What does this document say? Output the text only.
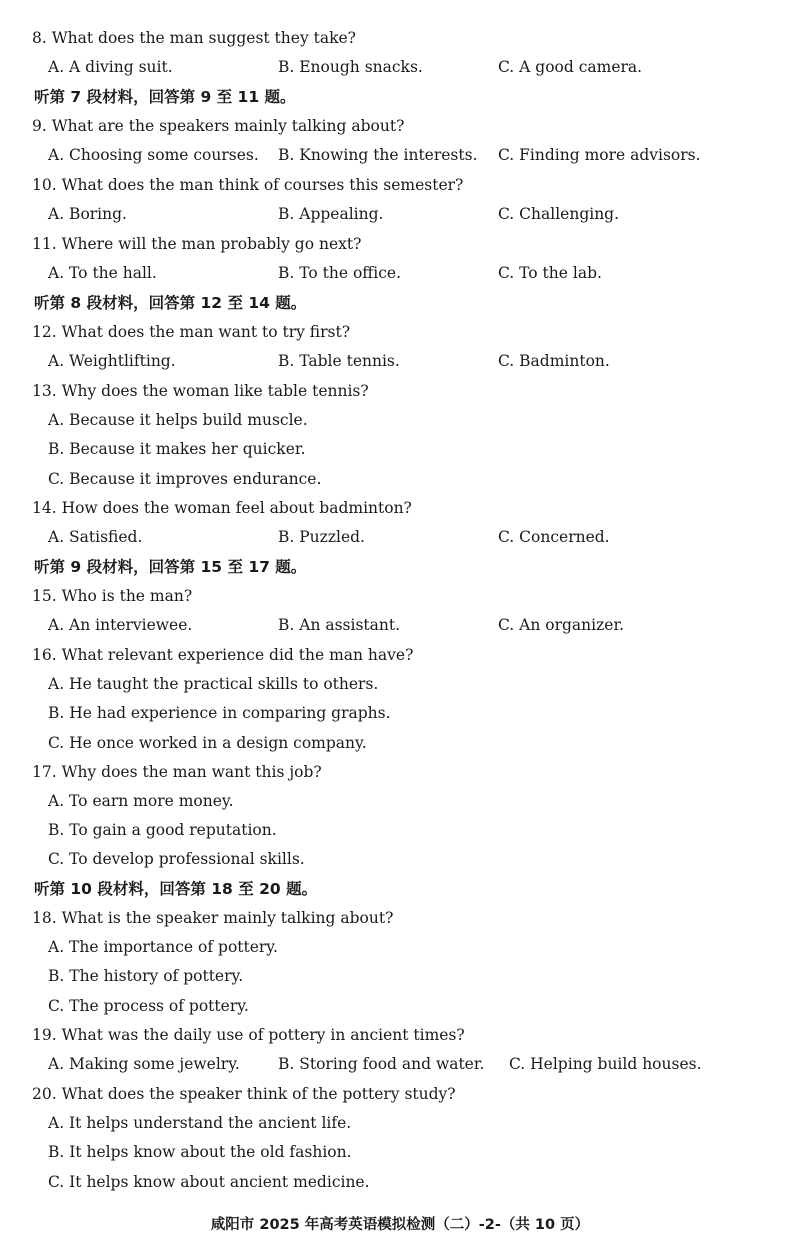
8. What does the man suggest they take?
A. A diving suit.	B. Enough snacks.	C. A good camera.
听第 7 段材料，回答第 9 至 11 题。
9. What are the speakers mainly talking about?
A. Choosing some courses. B. Knowing the interests. C. Finding more advisors.
10. What does the man think of courses this semester?
A. Boring.	B. Appealing.	C. Challenging.
11. Where will the man probably go next?
A. To the hall.	B. To the office.	C. To the lab.
听第 8 段材料，回答第 12 至 14 题。
12. What does the man want to try first?
A. Weightlifting.	B. Table tennis.	C. Badminton.
13. Why does the woman like table tennis?
A. Because it helps build muscle.
B. Because it makes her quicker.
C. Because it improves endurance.
14. How does the woman feel about badminton?
A. Satisfied.	B. Puzzled.	C. Concerned.
听第 9 段材料，回答第 15 至 17 题。
15. Who is the man?
A. An interviewee.	B. An assistant.	C. An organizer.
16. What relevant experience did the man have?
A. He taught the practical skills to others.
B. He had experience in comparing graphs.
C. He once worked in a design company.
17. Why does the man want this job?
A. To earn more money.
B. To gain a good reputation.
C. To develop professional skills.
听第 10 段材料，回答第 18 至 20 题。
18. What is the speaker mainly talking about?
A. The importance of pottery.
B. The history of pottery.
C. The process of pottery.
19. What was the daily use of pottery in ancient times?
A. Making some jewelry. B. Storing food and water. C. Helping build houses.
20. What does the speaker think of the pottery study?
A. It helps understand the ancient life.
B. It helps know about the old fashion.
C. It helps know about ancient medicine.
咸阳市 2025 年高考英语模拟检测（二）-2-（共 10 页）
